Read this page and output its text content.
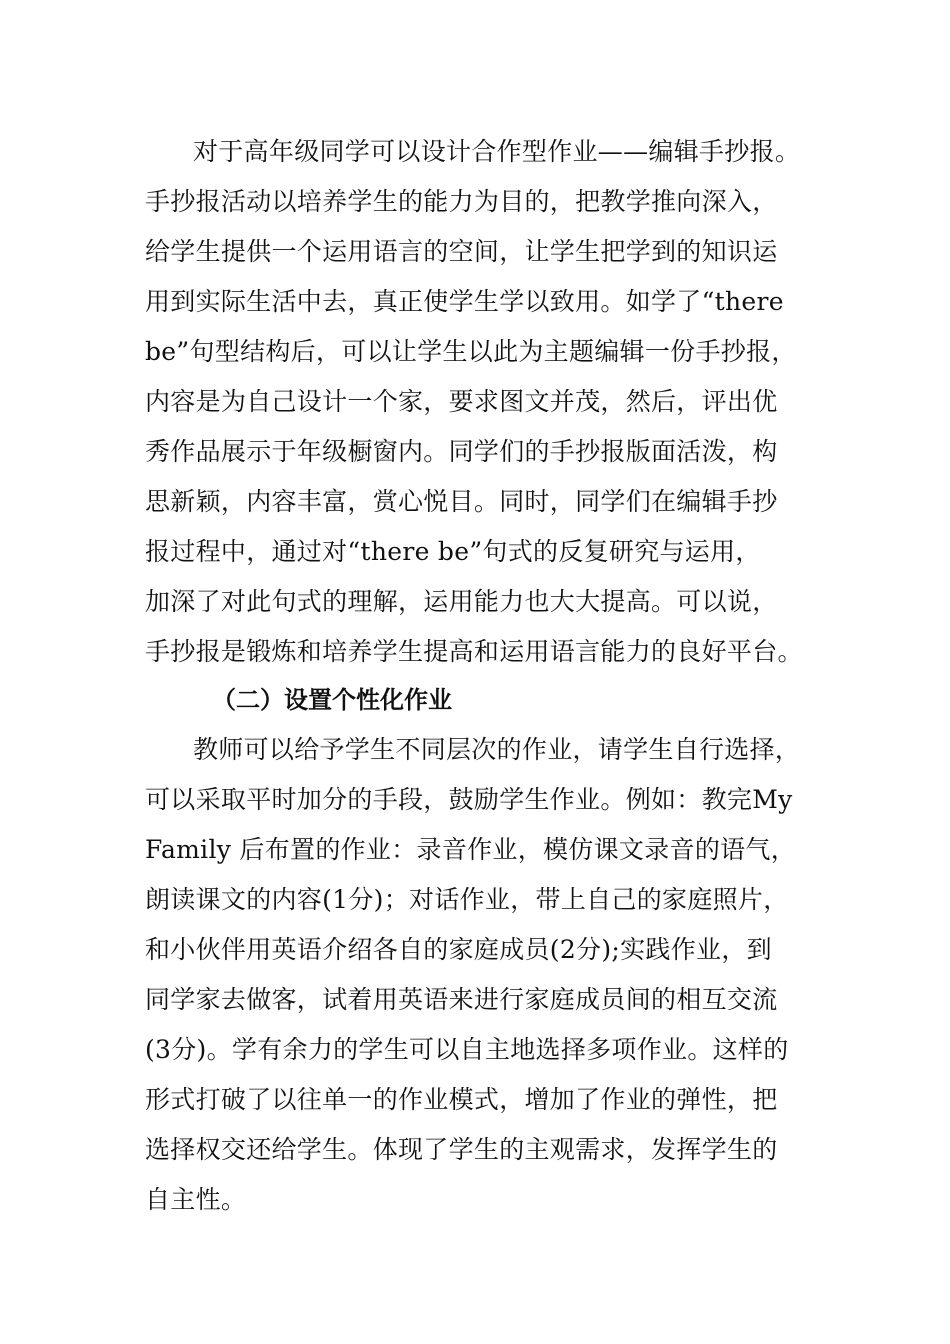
对于高年级同学可以设计合作型作业——编辑手抄报。
手抄报活动以培养学生的能力为目的，把教学推向深入，
给学生提供一个运用语言的空间，让学生把学到的知识运
用到实际生活中去，真正使学生学以致用。如学了“there
be”句型结构后，可以让学生以此为主题编辑一份手抄报，
内容是为自己设计一个家，要求图文并茂，然后，评出优
秀作品展示于年级橱窗内。同学们的手抄报版面活泼，构
思新颖，内容丰富，赏心悦目。同时，同学们在编辑手抄
报过程中，通过对“there be”句式的反复研究与运用，
加深了对此句式的理解，运用能力也大大提高。可以说，
手抄报是锻炼和培养学生提高和运用语言能力的良好平台。
（二）设置个性化作业
教师可以给予学生不同层次的作业，请学生自行选择，
可以采取平时加分的手段，鼓励学生作业。例如：教完My
Family 后布置的作业：录音作业，模仿课文录音的语气，
朗读课文的内容(1分)；对话作业，带上自己的家庭照片，
和小伙伴用英语介绍各自的家庭成员(2分);实践作业，到
同学家去做客，试着用英语来进行家庭成员间的相互交流
(3分)。学有余力的学生可以自主地选择多项作业。这样的
形式打破了以往单一的作业模式，增加了作业的弹性，把
选择权交还给学生。体现了学生的主观需求，发挥学生的
自主性。
